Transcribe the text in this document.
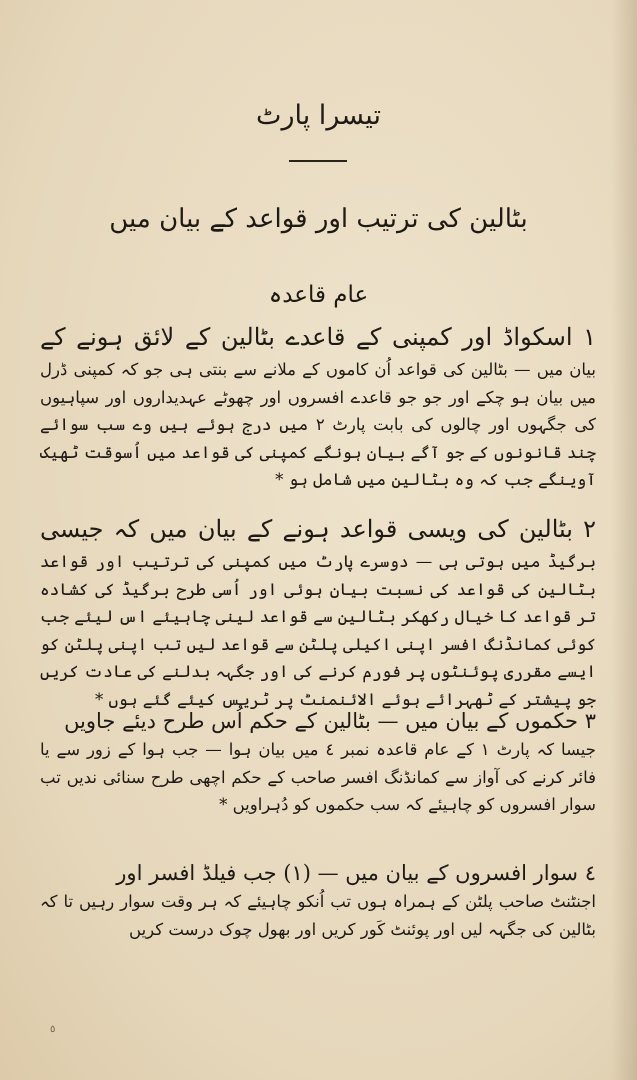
تیسرا پارٹ
بٹالین کی ترتیب اور قواعد کے بیان میں
عام قاعدہ
١ اسکواڈ اور کمپنی کے قاعدے بٹالین کے لائق ہونے کے
بیان میں — بٹالین کی قواعد اُن کاموں کے ملانے سے بنتی ہی جو کہ کمپنی ڈرل میں بیان ہو چکے اور جو جو قاعدے افسروں اور چھوٹے عہدیداروں اور سپاہیوں کی جگہوں اور چالوں کی بابت پارٹ ٢ میں درج ہوئے ہیں وے سب سوائے چند قانونوں کے جو آگے بیان ہونگے کمپنی کی قواعد میں اُسوقت ٹھیک آوینگے جب کہ وہ بٹالین میں شامل ہو *
٢ بٹالین کی ویسی قواعد ہونے کے بیان میں کہ جیسی
برگیڈ میں ہوتی ہی — دوسرے پارٹ میں کمپنی کی ترتیب اور قواعد بٹالین کی قواعد کی نسبت بیان ہوئی اور اُسی طرح برگیڈ کی کشادہ تر قواعد کا خیال رکھکر بٹالین سے قواعد لینی چاہیئے اس لیئے جب کوئی کمانڈنگ افسر اپنی اکیلی پلٹن سے قواعد لیں تب اپنی پلٹن کو ایسے مقرری پوئنٹوں پر فورم کرنے کی اور جگہہ بدلنے کی عادت کریں جو پیشتر کے ٹھہرائے ہوئے الائنمنٹ پر ٹریس کیئے گئے ہوں *
٣ حکموں کے بیان میں — بٹالین کے حکم اُس طرح دیئے جاویں
جیسا کہ پارٹ ١ کے عام قاعدہ نمبر ٤ میں بیان ہوا — جب ہوا کے زور سے یا فائر کرنے کی آواز سے کمانڈنگ افسر صاحب کے حکم اچھی طرح سنائی ندیں تب سوار افسروں کو چاہیئے کہ سب حکموں کو دُہراویں *
٤ سوار افسروں کے بیان میں — (١) جب فیلڈ افسر اور
اجنٹنٹ صاحب پلٹن کے ہمراہ ہوں تب اُنکو چاہیئے کہ ہر وقت سوار رہیں تا کہ بٹالین کی جگہہ لیں اور پوئنٹ کَور کریں اور بھول چوک درست کریں
٥
